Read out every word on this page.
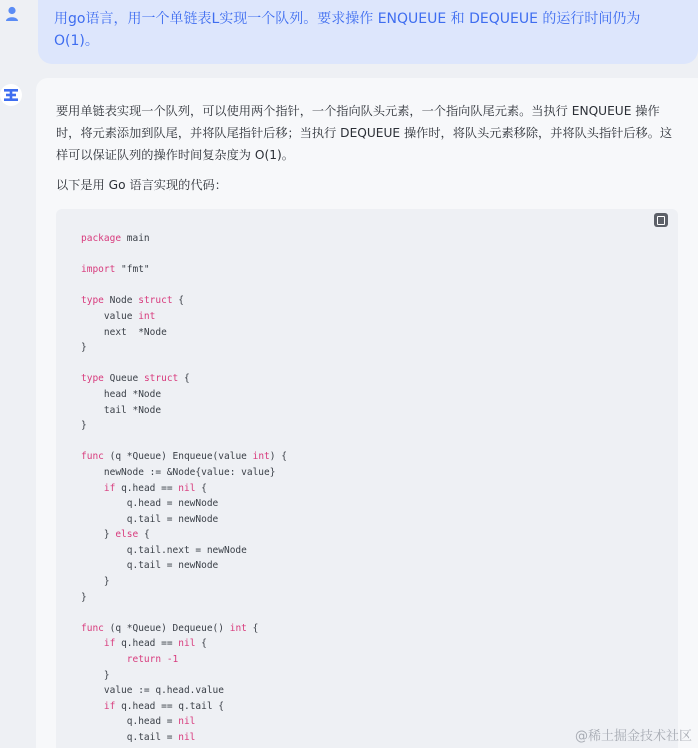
用go语言，用一个单链表L实现一个队列。要求操作 ENQUEUE 和 DEQUEUE 的运行时间仍为O(1)。

要用单链表实现一个队列，可以使用两个指针，一个指向队头元素，一个指向队尾元素。当执行 ENQUEUE 操作时，将元素添加到队尾，并将队尾指针后移；当执行 DEQUEUE 操作时，将队头元素移除，并将队头指针后移。这样可以保证队列的操作时间复杂度为 O(1)。

以下是用 Go 语言实现的代码：

package main

import "fmt"

type Node struct {
value int
next  *Node
}

type Queue struct {
head *Node
tail *Node
}

func (q *Queue) Enqueue(value int) {
newNode := &Node{value: value}
if q.head == nil {
q.head = newNode
q.tail = newNode
} else {
q.tail.next = newNode
q.tail = newNode
}
}

func (q *Queue) Dequeue() int {
if q.head == nil {
return -1
}
value := q.head.value
if q.head == q.tail {
q.head = nil
q.tail = nil	@稀土掘金技术社区
